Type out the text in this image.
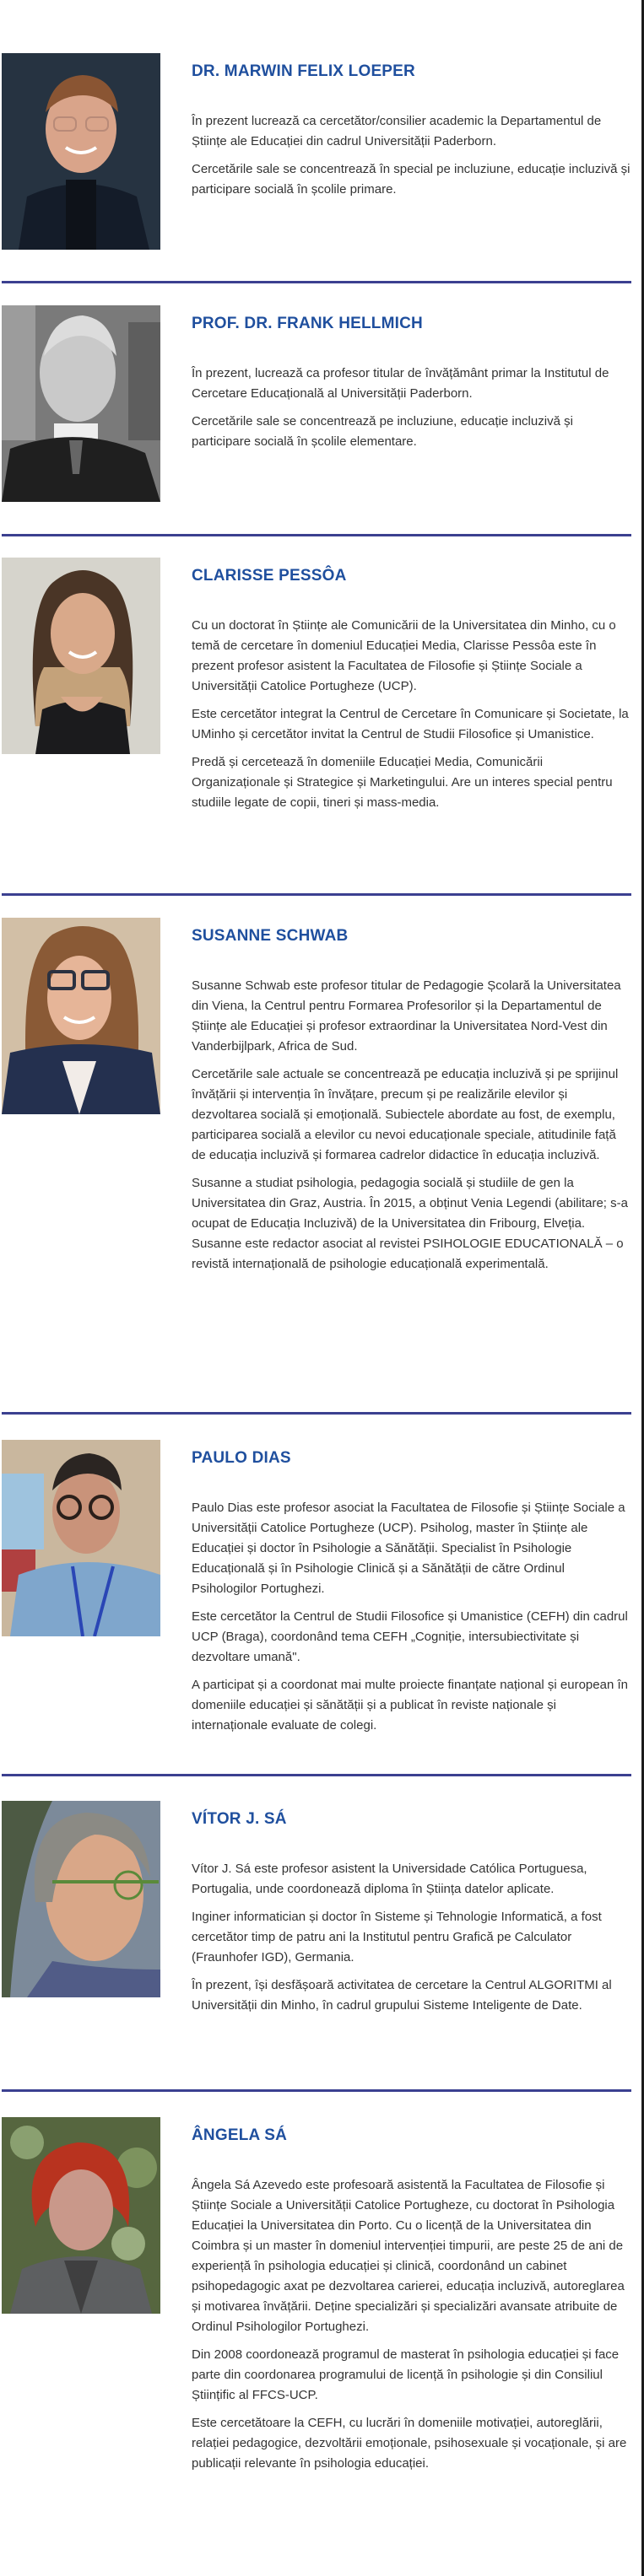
DR. MARWIN FELIX LOEPER

În prezent lucrează ca cercetător/consilier academic la Departamentul de Științe ale Educației din cadrul Universității Paderborn.

Cercetările sale se concentrează în special pe incluziune, educație incluzivă și participare socială în școlile primare.

PROF. DR. FRANK HELLMICH

În prezent, lucrează ca profesor titular de învățământ primar la Institutul de Cercetare Educațională al Universității Paderborn.

Cercetările sale se concentrează pe incluziune, educație incluzivă și participare socială în școlile elementare.

CLARISSE PESSÔA

Cu un doctorat în Științe ale Comunicării de la Universitatea din Minho, cu o temă de cercetare în domeniul Educației Media, Clarisse Pessôa este în prezent profesor asistent la Facultatea de Filosofie și Științe Sociale a Universității Catolice Portugheze (UCP).

Este cercetător integrat la Centrul de Cercetare în Comunicare și Societate, la UMinho și cercetător invitat la Centrul de Studii Filosofice și Umanistice.

Predă și cercetează în domeniile Educației Media, Comunicării Organizaționale și Strategice și Marketingului. Are un interes special pentru studiile legate de copii, tineri și mass-media.

SUSANNE SCHWAB

Susanne Schwab este profesor titular de Pedagogie Școlară la Universitatea din Viena, la Centrul pentru Formarea Profesorilor și la Departamentul de Științe ale Educației și profesor extraordinar la Universitatea Nord-Vest din Vanderbijlpark, Africa de Sud.

Cercetările sale actuale se concentrează pe educația incluzivă și pe sprijinul învățării și intervenția în învățare, precum și pe realizările elevilor și dezvoltarea socială și emoțională. Subiectele abordate au fost, de exemplu, participarea socială a elevilor cu nevoi educaționale speciale, atitudinile față de educația incluzivă și formarea cadrelor didactice în educația incluzivă.

Susanne a studiat psihologia, pedagogia socială și studiile de gen la Universitatea din Graz, Austria. În 2015, a obținut Venia Legendi (abilitare; s-a ocupat de Educația Incluzivă) de la Universitatea din Fribourg, Elveția.

Susanne este redactor asociat al revistei PSIHOLOGIE EDUCATIONALĂ – o revistă internațională de psihologie educațională experimentală.

PAULO DIAS

Paulo Dias este profesor asociat la Facultatea de Filosofie și Științe Sociale a Universității Catolice Portugheze (UCP). Psiholog, master în Științe ale Educației și doctor în Psihologie a Sănătății. Specialist în Psihologie Educațională și în Psihologie Clinică și a Sănătății de către Ordinul Psihologilor Portughezi.

Este cercetător la Centrul de Studii Filosofice și Umanistice (CEFH) din cadrul UCP (Braga), coordonând tema CEFH „Cogniție, intersubiectivitate și dezvoltare umană".

A participat și a coordonat mai multe proiecte finanțate național și european în domeniile educației și sănătății și a publicat în reviste naționale și internaționale evaluate de colegi.

VÍTOR J. SÁ

Vítor J. Sá este profesor asistent la Universidade Católica Portuguesa, Portugalia, unde coordonează diploma în Știința datelor aplicate.

Inginer informatician și doctor în Sisteme și Tehnologie Informatică, a fost cercetător timp de patru ani la Institutul pentru Grafică pe Calculator (Fraunhofer IGD), Germania.

În prezent, își desfășoară activitatea de cercetare la Centrul ALGORITMI al Universității din Minho, în cadrul grupului Sisteme Inteligente de Date.

ÂNGELA SÁ

Ângela Sá Azevedo este profesoară asistentă la Facultatea de Filosofie și Științe Sociale a Universității Catolice Portugheze, cu doctorat în Psihologia Educației la Universitatea din Porto. Cu o licență de la Universitatea din Coimbra și un master în domeniul intervenției timpurii, are peste 25 de ani de experiență în psihologia educației și clinică, coordonând un cabinet psihopedagogic axat pe dezvoltarea carierei, educația incluzivă, autoreglarea și motivarea învățării. Deține specializări și specializări avansate atribuite de Ordinul Psihologilor Portughezi.

Din 2008 coordonează programul de masterat în psihologia educației și face parte din coordonarea programului de licență în psihologie și din Consiliul Științific al FFCS-UCP.

Este cercetătoare la CEFH, cu lucrări în domeniile motivației, autoreglării, relației pedagogice, dezvoltării emoționale, psihosexuale și vocaționale, și are publicații relevante în psihologia educației.
